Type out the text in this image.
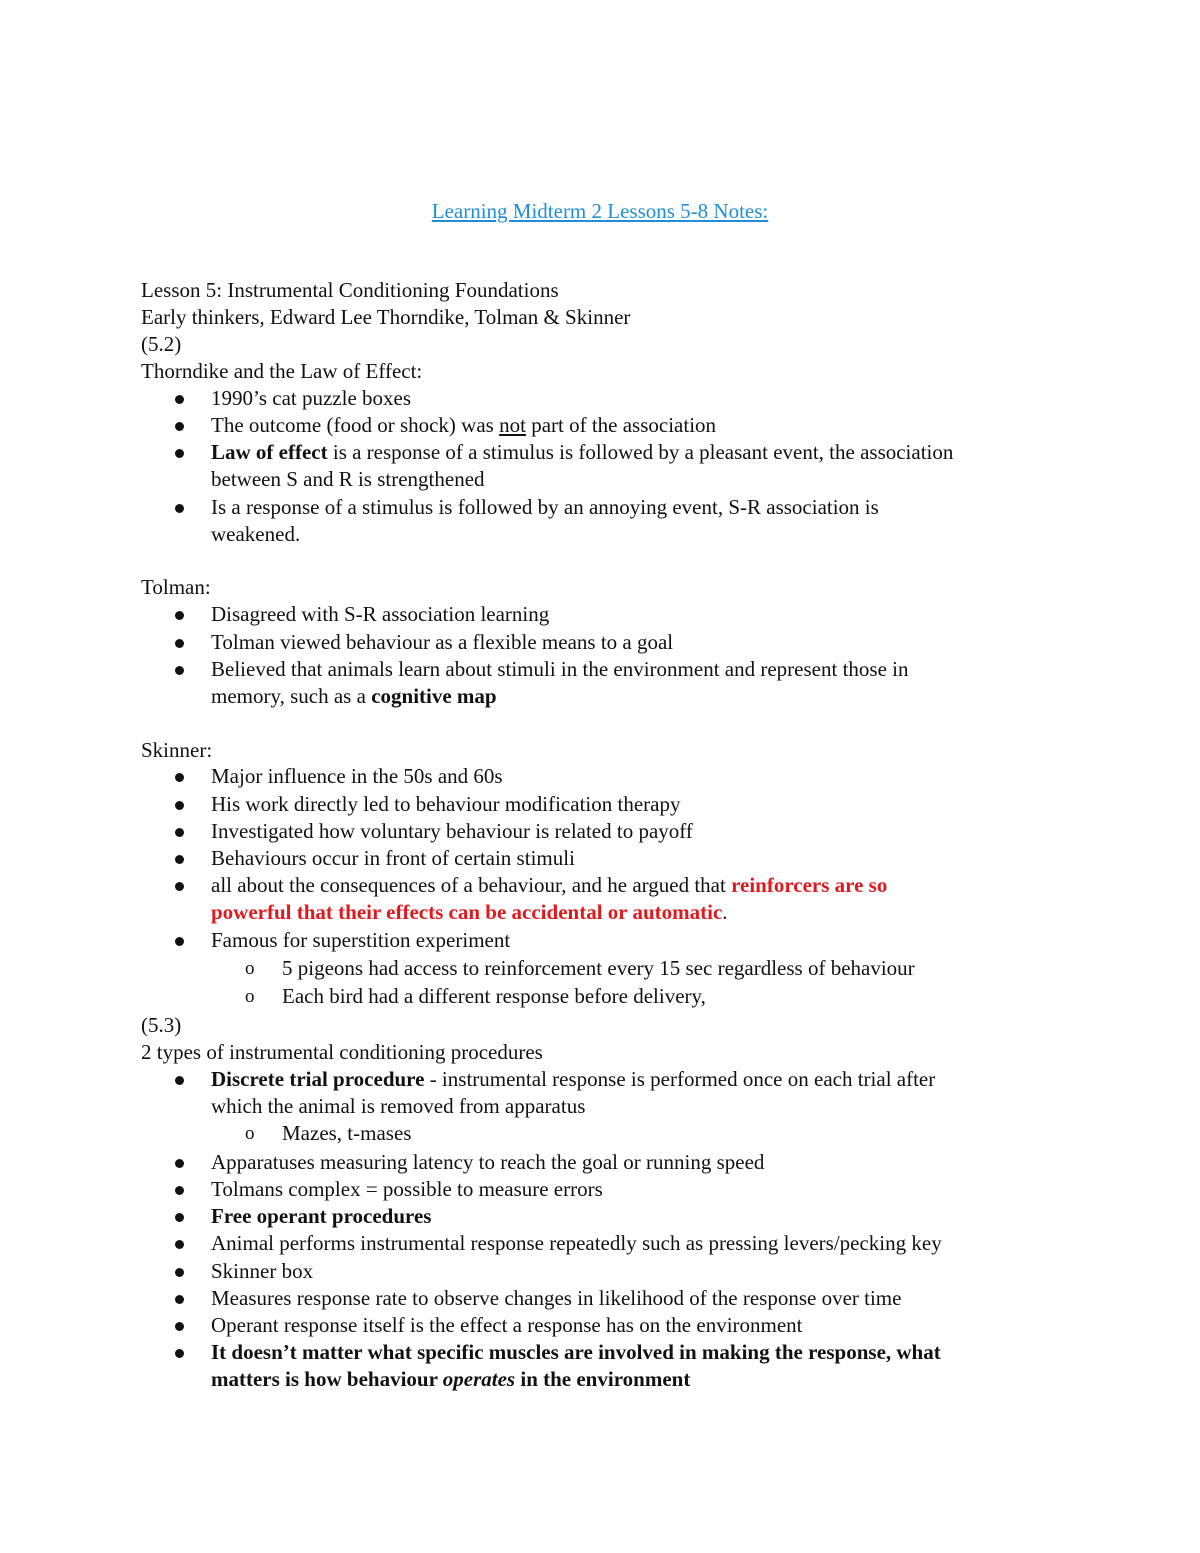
Learning Midterm 2 Lessons 5-8 Notes:
Lesson 5: Instrumental Conditioning Foundations
Early thinkers, Edward Lee Thorndike, Tolman & Skinner
(5.2)
Thorndike and the Law of Effect:
1990’s cat puzzle boxes
The outcome (food or shock) was not part of the association
Law of effect is a response of a stimulus is followed by a pleasant event, the association
between S and R is strengthened
Is a response of a stimulus is followed by an annoying event, S-R association is
weakened.
Tolman:
Disagreed with S-R association learning
Tolman viewed behaviour as a flexible means to a goal
Believed that animals learn about stimuli in the environment and represent those in
memory, such as a cognitive map
Skinner:
Major influence in the 50s and 60s
His work directly led to behaviour modification therapy
Investigated how voluntary behaviour is related to payoff
Behaviours occur in front of certain stimuli
all about the consequences of a behaviour, and he argued that reinforcers are so
powerful that their effects can be accidental or automatic.
Famous for superstition experiment
o 5 pigeons had access to reinforcement every 15 sec regardless of behaviour
o Each bird had a different response before delivery,
(5.3)
2 types of instrumental conditioning procedures
Discrete trial procedure - instrumental response is performed once on each trial after
which the animal is removed from apparatus
o Mazes, t-mases
Apparatuses measuring latency to reach the goal or running speed
Tolmans complex = possible to measure errors
Free operant procedures
Animal performs instrumental response repeatedly such as pressing levers/pecking key
Skinner box
Measures response rate to observe changes in likelihood of the response over time
Operant response itself is the effect a response has on the environment
It doesn’t matter what specific muscles are involved in making the response, what
matters is how behaviour operates in the environment
